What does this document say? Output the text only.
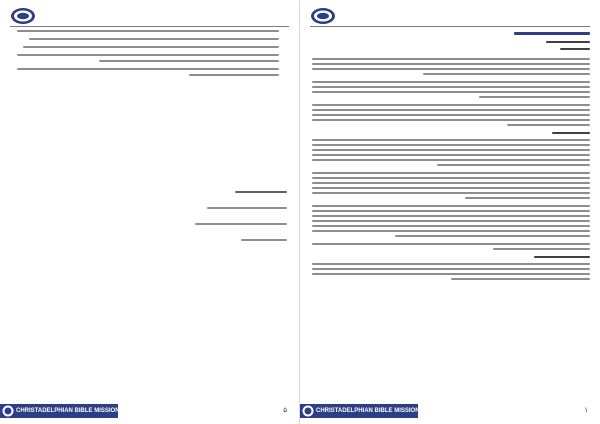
CHRISTADELPHIAN BIBLE MISSION	۵	CHRISTADELPHIAN BIBLE MISSION	۱
